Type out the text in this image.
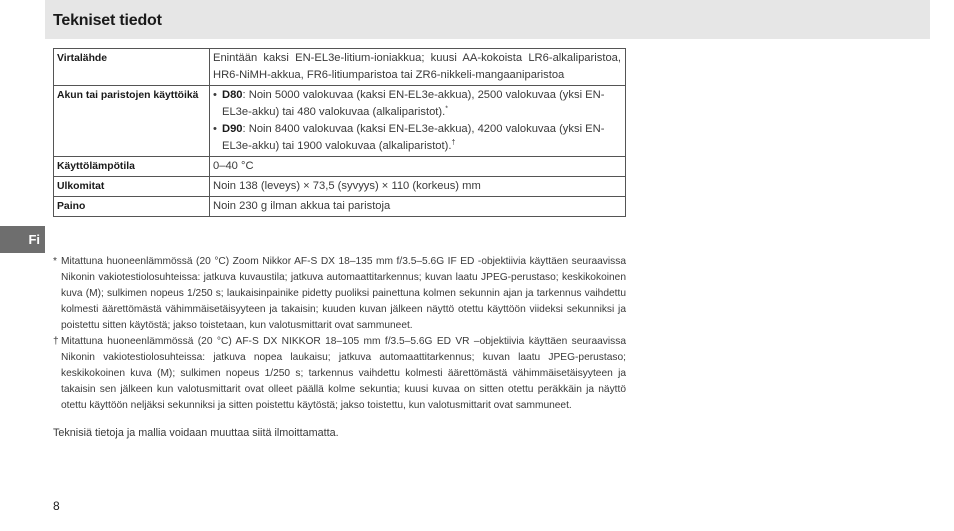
Tekniset tiedot
Fi
Virtalähde	Enintään kaksi EN-EL3e-litium-ioniakkua; kuusi AA-kokoista LR6-alkaliparistoa, HR6-NiMH-akkua, FR6-litiumparistoa tai ZR6-nikkeli-mangaaniparistoa

Akun tai paristojen käyttöikä	• D80: Noin 5000 valokuvaa (kaksi EN-EL3e-akkua), 2500 valokuvaa (yksi EN-EL3e-akku) tai 480 valokuvaa (alkaliparistot).*
• D90: Noin 8400 valokuvaa (kaksi EN-EL3e-akkua), 4200 valokuvaa (yksi EN-EL3e-akku) tai 1900 valokuvaa (alkaliparistot).†

Käyttölämpötila	0–40 °C
Ulkomitat	Noin 138 (leveys) × 73,5 (syvyys) × 110 (korkeus) mm
Paino	Noin 230 g ilman akkua tai paristoja
* Mitattuna huoneenlämmössä (20 °C) Zoom Nikkor AF-S DX 18–135 mm f/3.5–5.6G IF ED -objektiivia käyttäen seuraavissa Nikonin vakiotestiolosuhteissa: jatkuva kuvaustila; jatkuva automaattitarkennus; kuvan laatu JPEG-perustaso; keskikokoinen kuva (M); sulkimen nopeus 1/250 s; laukaisinpainike pidetty puoliksi painettuna kolmen sekunnin ajan ja tarkennus vaihdettu kolmesti äärettömästä vähimmäisetäisyyteen ja takaisin; kuuden kuvan jälkeen näyttö otettu käyttöön viideksi sekunniksi ja poistettu sitten käytöstä; jakso toistetaan, kun valotusmittarit ovat sammuneet.
† Mitattuna huoneenlämmössä (20 °C) AF-S DX NIKKOR 18–105 mm f/3.5–5.6G ED VR –objektiivia käyttäen seuraavissa Nikonin vakiotestiolosuhteissa: jatkuva nopea laukaisu; jatkuva automaattitarkennus; kuvan laatu JPEG-perustaso; keskikokoinen kuva (M); sulkimen nopeus 1/250 s; tarkennus vaihdettu kolmesti äärettömästä vähimmäisetäisyyteen ja takaisin sen jälkeen kun valotusmittarit ovat olleet päällä kolme sekuntia; kuusi kuvaa on sitten otettu peräkkäin ja näyttö otettu käyttöön neljäksi sekunniksi ja sitten poistettu käytöstä; jakso toistettu, kun valotusmittarit ovat sammuneet.
Teknisiä tietoja ja mallia voidaan muuttaa siitä ilmoittamatta.
8
